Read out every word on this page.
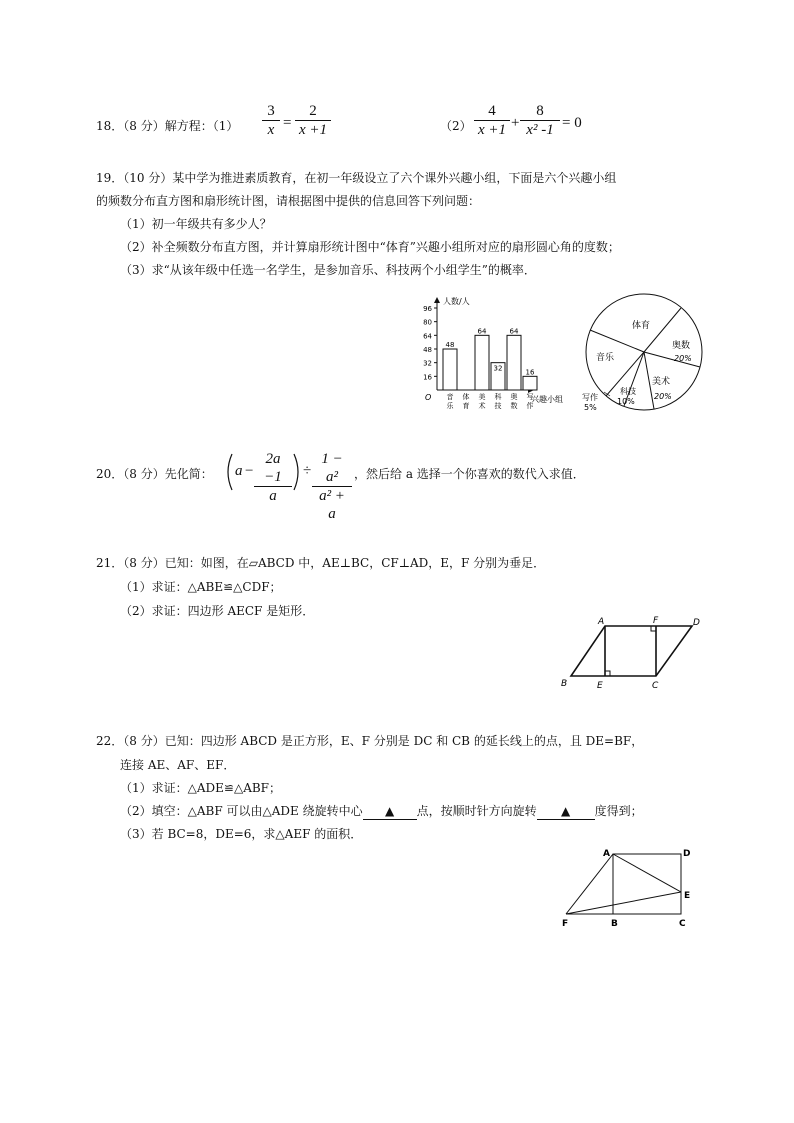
18．（8 分）解方程：$(1) \frac{3}{x} = \frac{2}{x +1}$	$(2) \frac{4}{x +1} + \frac{8}{\text{x² -1}} = 0$
19．（10 分）某中学为推进素质教育，在初一年级设立了六个课外兴趣小组，下面是六个兴趣小组
的频数分布直方图和扇形统计图，请根据图中提供的信息回答下列问题：
（1）初一年级共有多少人？
（2）补全频数分布直方图，并计算扇形统计图中“体育”兴趣小组所对应的扇形圆心角的度数；
（3）求“从该年级中任选一名学生，是参加音乐、科技两个小组学生”的概率．
人数/人
兴趣小组
O
16
32
48
64
80
96
48
64
32
64
16
音
乐
体
育
美
术
科
技
奥
数
写
作
体育
奥数
20%
美术
20%
科技
10%
写作
5%
音乐
20．（8 分）先化简： $a - \frac{2a -1}{a} \div \frac{\text{1 − a²}}{\text{a² + a}}$ ，然后给 a 选择一个你喜欢的数代入求值．
21．（8 分）已知：如图，在▱ABCD 中，AE⊥BC，CF⊥AD，E，F 分别为垂足．
（1）求证：△ABE≌△CDF；
（2）求证：四边形 AECF 是矩形．
A	F	D
B	E	C
22．（8 分）已知：四边形 ABCD 是正方形，E、F 分别是 DC 和 CB 的延长线上的点，且 DE=BF，
连接 AE、AF、EF．
（1）求证：△ADE≌△ABF；
（2）填空：△ABF 可以由△ADE 绕旋转中心 ▲ 点，按顺时针方向旋转 ▲ 度得到；
（3）若 BC=8，DE=6，求△AEF 的面积．
A	D
E
F	B	C
